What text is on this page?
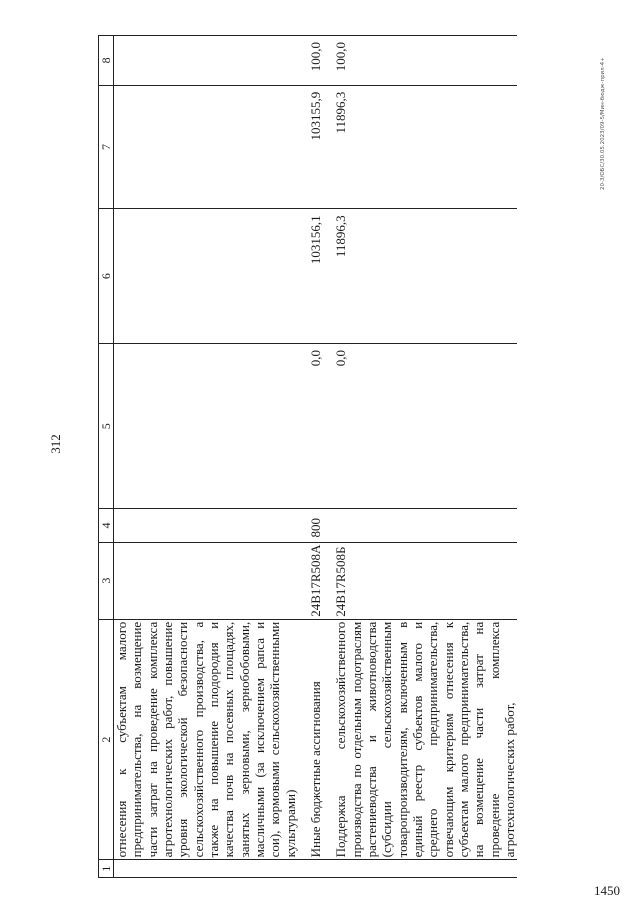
312
20-3/ОБС/30.05.2023/09-5/Мин-бюдж-прил-4+
1	2	3	4	5	6	7	8
	отнесения к субъектам малого предпринимательства, на возмещение части затрат на проведение комплекса агротехнологических работ, повышение уровня экологической безопасности сельскохозяйственного производства, а также на повышение плодородия и качества почв на посевных площадях, занятых зерновыми, зернобобовыми, масличными (за исключением рапса и сои), кормовыми сельскохозяйственными культурами)						

	Иные бюджетные ассигнования	24В17R508А	800	0,0	103156,1	103155,9	100,0

	Поддержка сельскохозяйственного производства по отдельным подотраслям растениеводства и животноводства (субсидии сельскохозяйственным товаропроизводителям, включенным в единый реестр субъектов малого и среднего предпринимательства, отвечающим критериям отнесения к субъектам малого предпринимательства, на возмещение части затрат на проведение комплекса агротехнологических работ,	24В17R508Б		0,0	11896,3	11896,3	100,0
1450
